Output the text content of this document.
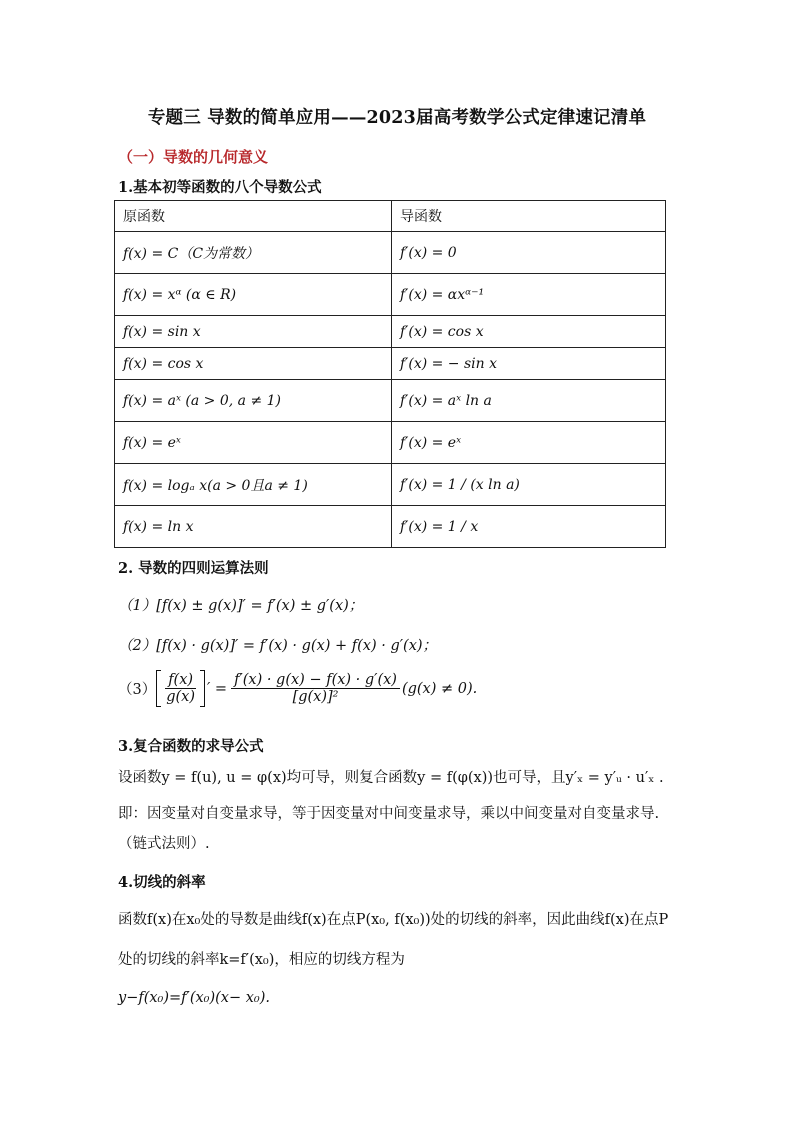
专题三 导数的简单应用——2023届高考数学公式定律速记清单
（一）导数的几何意义
1.基本初等函数的八个导数公式
原函数	导函数
f(x) = C（C为常数）	f′(x) = 0
f(x) = xᵅ (α ∈ R)	f′(x) = αxᵅ⁻¹
f(x) = sin x	f′(x) = cos x
f(x) = cos x	f′(x) = − sin x
f(x) = aˣ (a > 0, a ≠ 1)	f′(x) = aˣ ln a
f(x) = eˣ	f′(x) = eˣ
f(x) = logₐ x(a > 0且a ≠ 1)	f′(x) = 1 / (x ln a)
f(x) = ln x	f′(x) = 1 / x
2. 导数的四则运算法则
（1）[f(x) ± g(x)]′ = f′(x) ± g′(x)；
（2）[f(x) · g(x)]′ = f′(x) · g(x) + f(x) · g′(x)；
$(3) \frac{f(x)}{g(x)}$ ′ = $\frac{f'(x) \cdot g(x) - f(x) \cdot g'(x)}{\text{[g(x)]²}} (g(x) \ne 0)$.
3.复合函数的求导公式
设函数y = f(u), u = φ(x)均可导，则复合函数y = f(φ(x))也可导，且y′ₓ = y′ᵤ · u′ₓ .
即：因变量对自变量求导，等于因变量对中间变量求导，乘以中间变量对自变量求导.（链式法则）.
4.切线的斜率
函数f(x)在x₀处的导数是曲线f(x)在点P(x₀, f(x₀))处的切线的斜率，因此曲线f(x)在点P处的切线的斜率k=f′(x₀)，相应的切线方程为
y−f(x₀)=f′(x₀)(x− x₀).
